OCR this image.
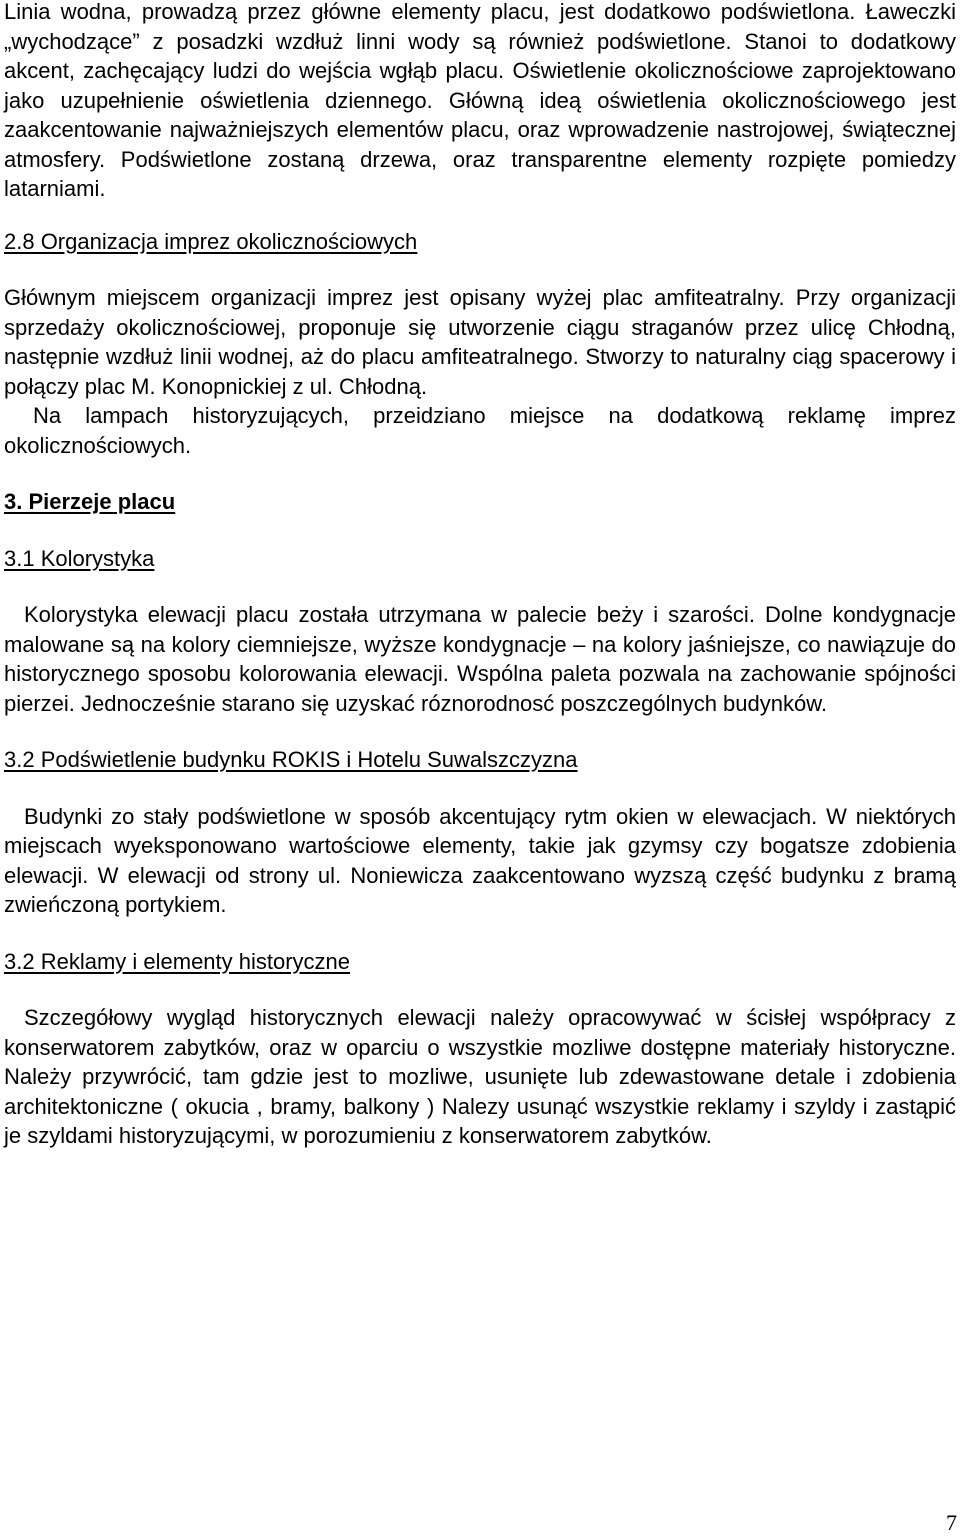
Linia wodna, prowadzą przez główne elementy placu, jest dodatkowo podświetlona. Ławeczki „wychodzące” z posadzki wzdłuż linni wody są również podświetlone. Stanoi to dodatkowy akcent, zachęcający ludzi do wejścia wgłąb placu. Oświetlenie okolicznościowe zaprojektowano jako uzupełnienie oświetlenia dziennego. Główną ideą oświetlenia okolicznościowego jest zaakcentowanie najważniejszych elementów placu, oraz wprowadzenie nastrojowej, świątecznej atmosfery. Podświetlone zostaną drzewa, oraz transparentne elementy rozpięte pomiedzy latarniami.

2.8 Organizacja imprez okolicznościowych

Głównym miejscem organizacji imprez jest opisany wyżej plac amfiteatralny. Przy organizacji sprzedaży okolicznościowej, proponuje się utworzenie ciągu straganów przez ulicę Chłodną, następnie wzdłuż linii wodnej, aż do placu amfiteatralnego. Stworzy to naturalny ciąg spacerowy i połączy plac M. Konopnickiej z ul. Chłodną.

Na lampach historyzujących, przeidziano miejsce na dodatkową reklamę imprez okolicznościowych.

3. Pierzeje placu
3.1 Kolorystyka

Kolorystyka elewacji placu została utrzymana w palecie beży i szarości. Dolne kondygnacje malowane są na kolory ciemniejsze, wyższe kondygnacje – na kolory jaśniejsze, co nawiązuje do historycznego sposobu kolorowania elewacji. Wspólna paleta pozwala na zachowanie spójności pierzei. Jednocześnie starano się uzyskać róznorodnosć poszczególnych budynków.

3.2 Podświetlenie budynku ROKIS i Hotelu Suwalszczyzna

Budynki zo stały podświetlone w sposób akcentujący rytm okien w elewacjach. W niektórych miejscach wyeksponowano wartościowe elementy, takie jak gzymsy czy bogatsze zdobienia elewacji. W elewacji od strony ul. Noniewicza zaakcentowano wyzszą część budynku z bramą zwieńczoną portykiem.

3.2 Reklamy i elementy historyczne

Szczegółowy wygląd historycznych elewacji należy opracowywać w ścisłej współpracy z konserwatorem zabytków, oraz w oparciu o wszystkie mozliwe dostępne materiały historyczne. Należy przywrócić, tam gdzie jest to mozliwe, usunięte lub zdewastowane detale i zdobienia architektoniczne ( okucia , bramy, balkony ) Nalezy usunąć wszystkie reklamy i szyldy i zastąpić je szyldami historyzującymi, w porozumieniu z konserwatorem zabytków.

7
